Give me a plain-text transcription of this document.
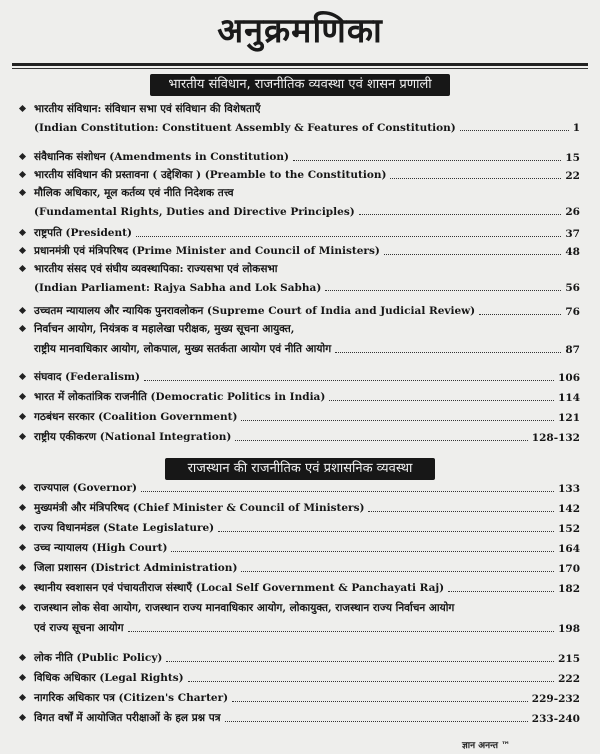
अनुक्रमणिका
भारतीय संविधान, राजनीतिक व्यवस्था एवं शासन प्रणाली
राजस्थान की राजनीतिक एवं प्रशासनिक व्यवस्था
भारतीय संविधान: संविधान सभा एवं संविधान की विशेषताएँ
(Indian Constitution: Constituent Assembly & Features of Constitution)	1
संवैधानिक संशोधन (Amendments in Constitution)	15
भारतीय संविधान की प्रस्तावना ( उद्देशिका ) (Preamble to the Constitution)	22
मौलिक अधिकार, मूल कर्तव्य एवं नीति निदेशक तत्त्व
(Fundamental Rights, Duties and Directive Principles)	26
राष्ट्रपति (President)	37
प्रधानमंत्री एवं मंत्रिपरिषद (Prime Minister and Council of Ministers)	48
भारतीय संसद एवं संघीय व्यवस्थापिका: राज्यसभा एवं लोकसभा
(Indian Parliament: Rajya Sabha and Lok Sabha)	56
उच्चतम न्यायालय और न्यायिक पुनरावलोकन (Supreme Court of India and Judicial Review)	76
निर्वाचन आयोग, नियंत्रक व महालेखा परीक्षक, मुख्य सूचना आयुक्त,
राष्ट्रीय मानवाधिकार आयोग, लोकपाल, मुख्य सतर्कता आयोग एवं नीति आयोग	87
संघवाद (Federalism)	106
भारत में लोकतांत्रिक राजनीति (Democratic Politics in India)	114
गठबंधन सरकार (Coalition Government)	121
राष्ट्रीय एकीकरण (National Integration)	128-132
राज्यपाल (Governor)	133
मुख्यमंत्री और मंत्रिपरिषद (Chief Minister & Council of Ministers)	142
राज्य विधानमंडल (State Legislature)	152
उच्च न्यायालय (High Court)	164
जिला प्रशासन (District Administration)	170
स्थानीय स्वशासन एवं पंचायतीराज संस्थाएँ (Local Self Government & Panchayati Raj)	182
राजस्थान लोक सेवा आयोग, राजस्थान राज्य मानवाधिकार आयोग, लोकायुक्त, राजस्थान राज्य निर्वाचन आयोग
एवं राज्य सूचना आयोग	198
लोक नीति (Public Policy)	215
विधिक अधिकार (Legal Rights)	222
नागरिक अधिकार पत्र (Citizen's Charter)	229-232
विगत वर्षों में आयोजित परीक्षाओं के हल प्रश्न पत्र	233-240
ज्ञान अनन्त ™
